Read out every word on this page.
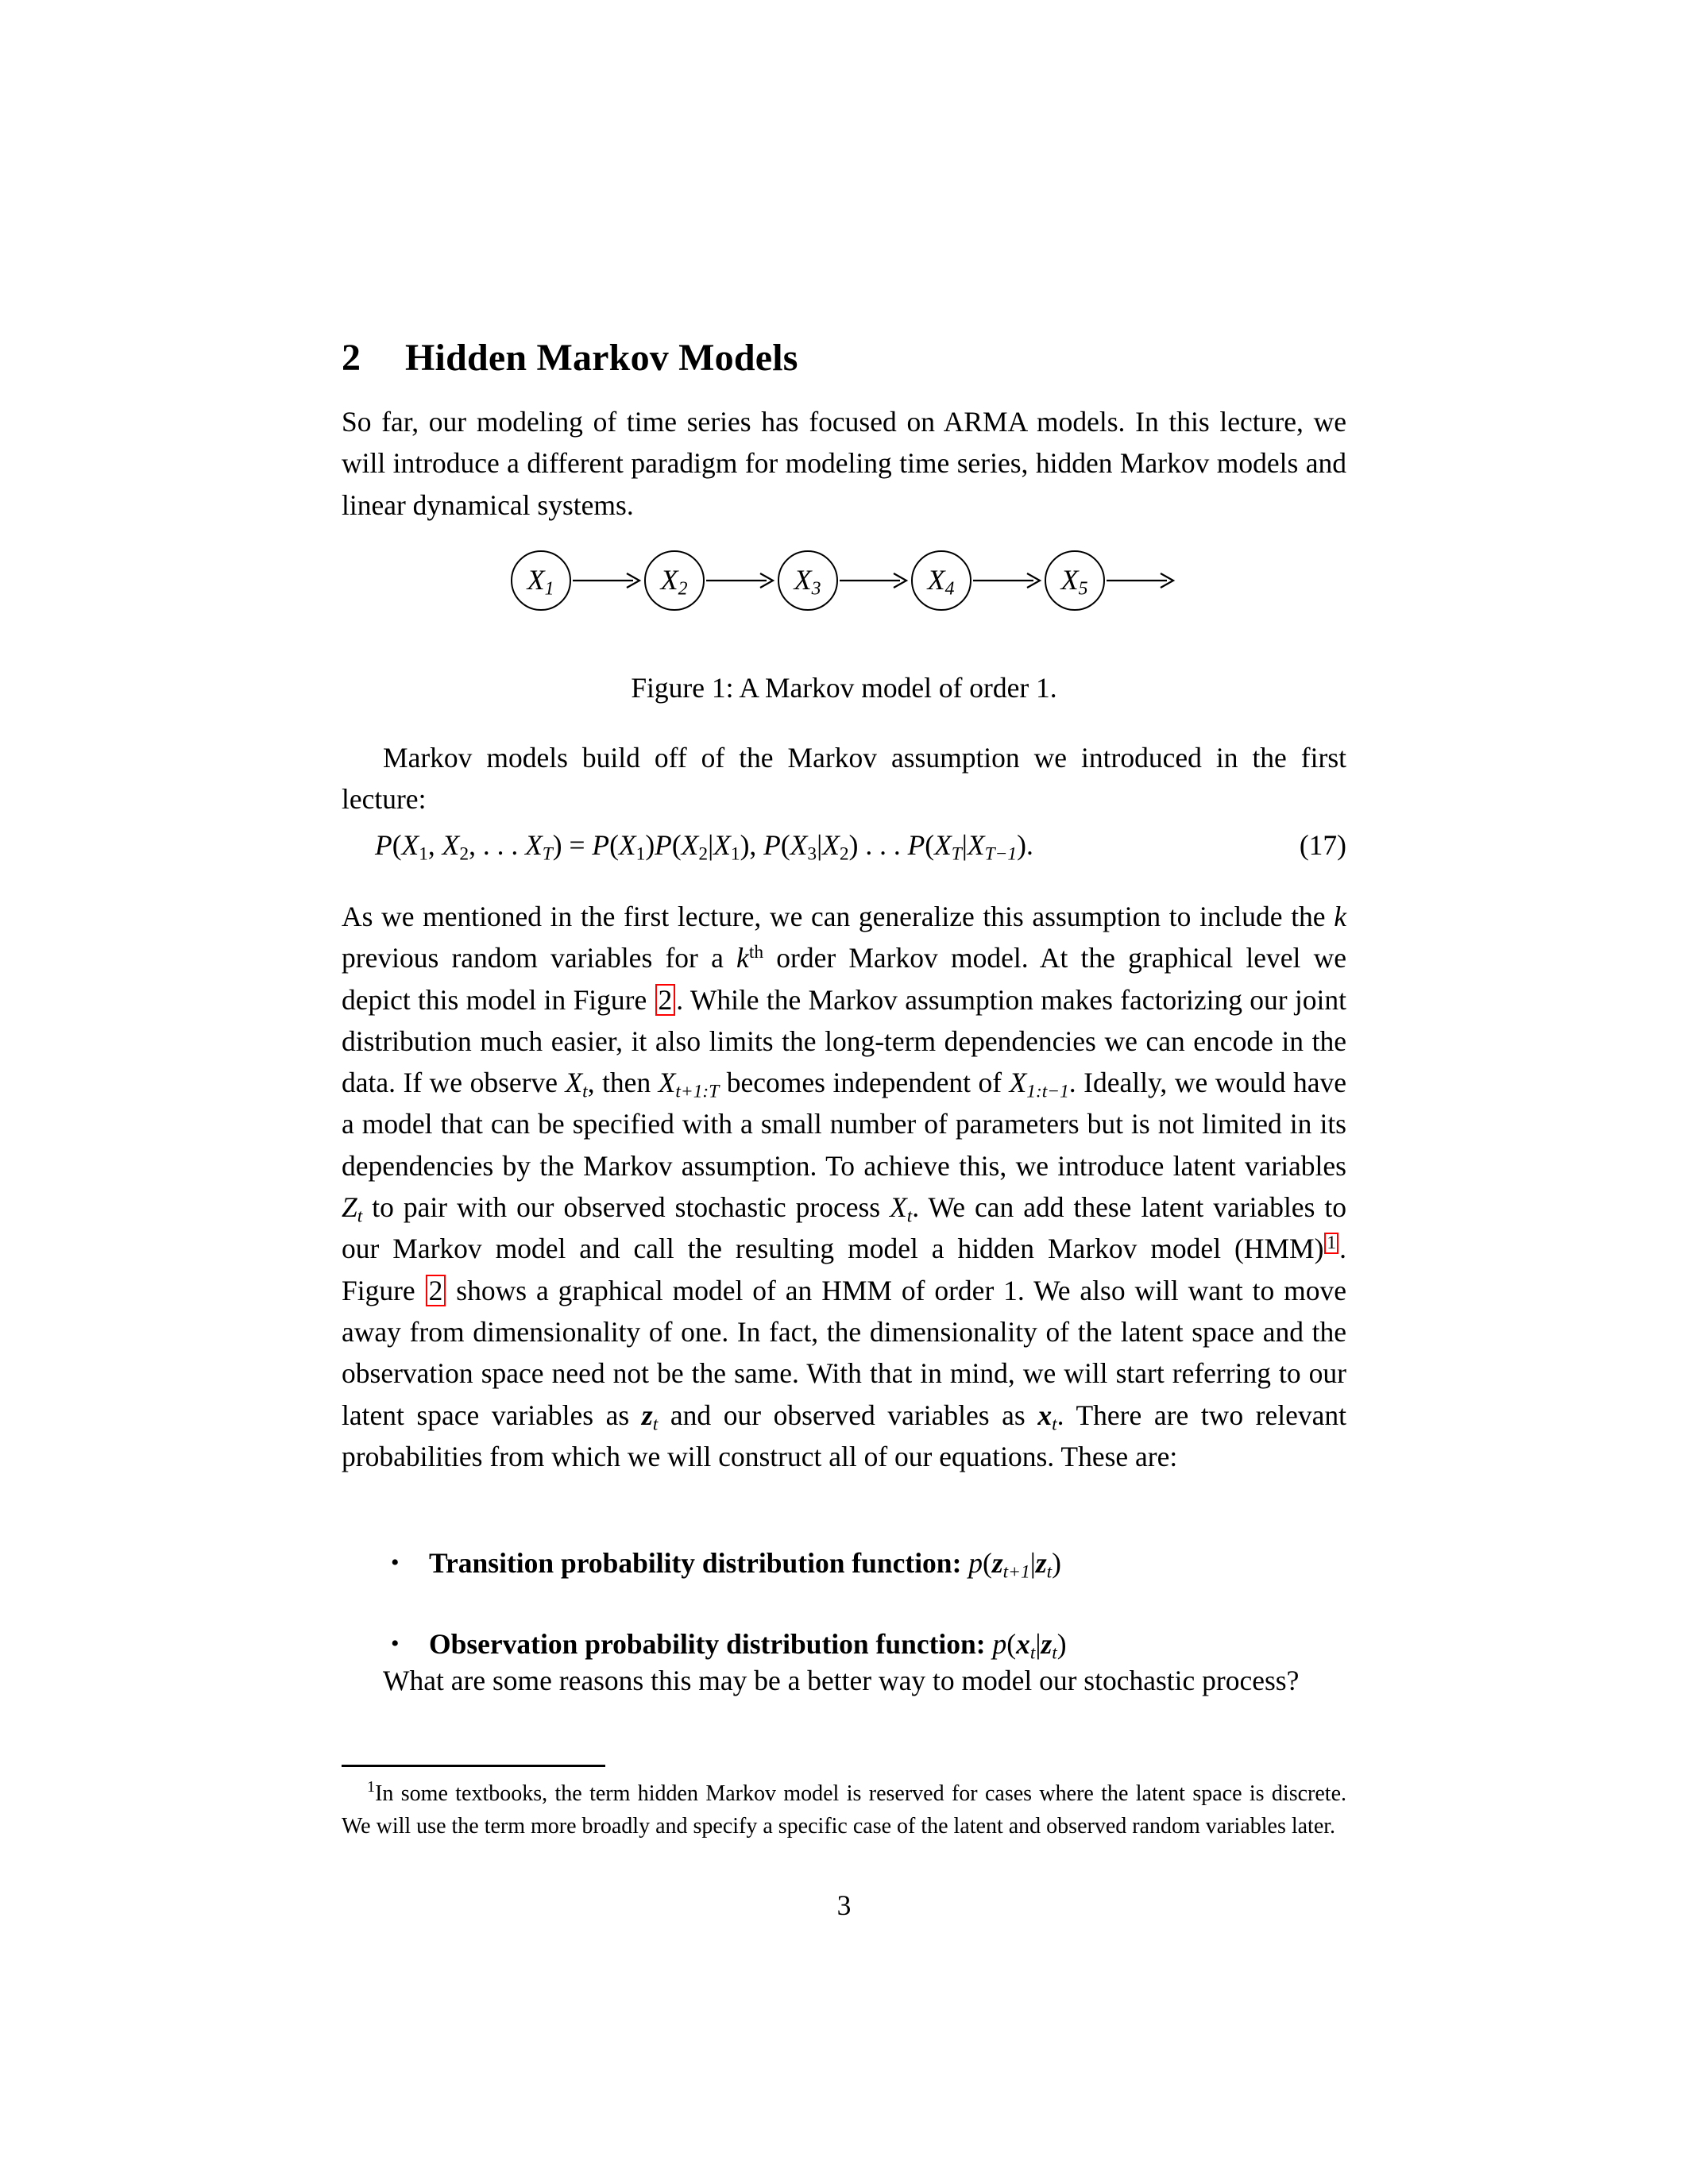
2 Hidden Markov Models
So far, our modeling of time series has focused on ARMA models. In this lecture, we will introduce a different paradigm for modeling time series, hidden Markov models and linear dynamical systems.
$X_1$	$X_2$	$X_3$	$X_4$	$X_5$
Figure 1: A Markov model of order 1.
Markov models build off of the Markov assumption we introduced in the first lecture:
$P(X_1$, $X_2$, . . . $X_T) = P(X_1)P(X_2|X_1)$, $P(X_3|X_2)$ . . . $P(X_T|X_{T-1})$.	(17)
As we mentioned in the first lecture, we can generalize this assumption to include the k previous random variables for a $k^{th}$ order Markov model. At the graphical level we depict this model in Figure 2 . While the Markov assumption makes factorizing our joint distribution much easier, it also limits the long-term dependencies we can encode in the data. If we observe $X_t$, then $X_{t+1:T}$ becomes independent of $X_{1:t-1}$. Ideally, we would have a model that can be specified with a small number of parameters but is not limited in its dependencies by the Markov assumption. To achieve this, we introduce latent variables $Z_t$ to pair with our observed stochastic process $X_t$. We can add these latent variables to our Markov model and call the resulting model a hidden Markov model (HMM) 1 . Figure 2 shows a graphical model of an HMM of order 1. We also will want to move away from dimensionality of one. In fact, the dimensionality of the latent space and the observation space need not be the same. With that in mind, we will start referring to our latent space variables as $z_t$ and our observed variables as $x_t$. There are two relevant probabilities from which we will construct all of our equations. These are:
• Transition probability distribution function: $p(z_{t+1}|z_t)$
• Observation probability distribution function: $p(x_t|z_t)$
What are some reasons this may be a better way to model our stochastic process?
$^1$In some textbooks, the term hidden Markov model is reserved for cases where the latent space is discrete. We will use the term more broadly and specify a specific case of the latent and observed random variables later.
3
